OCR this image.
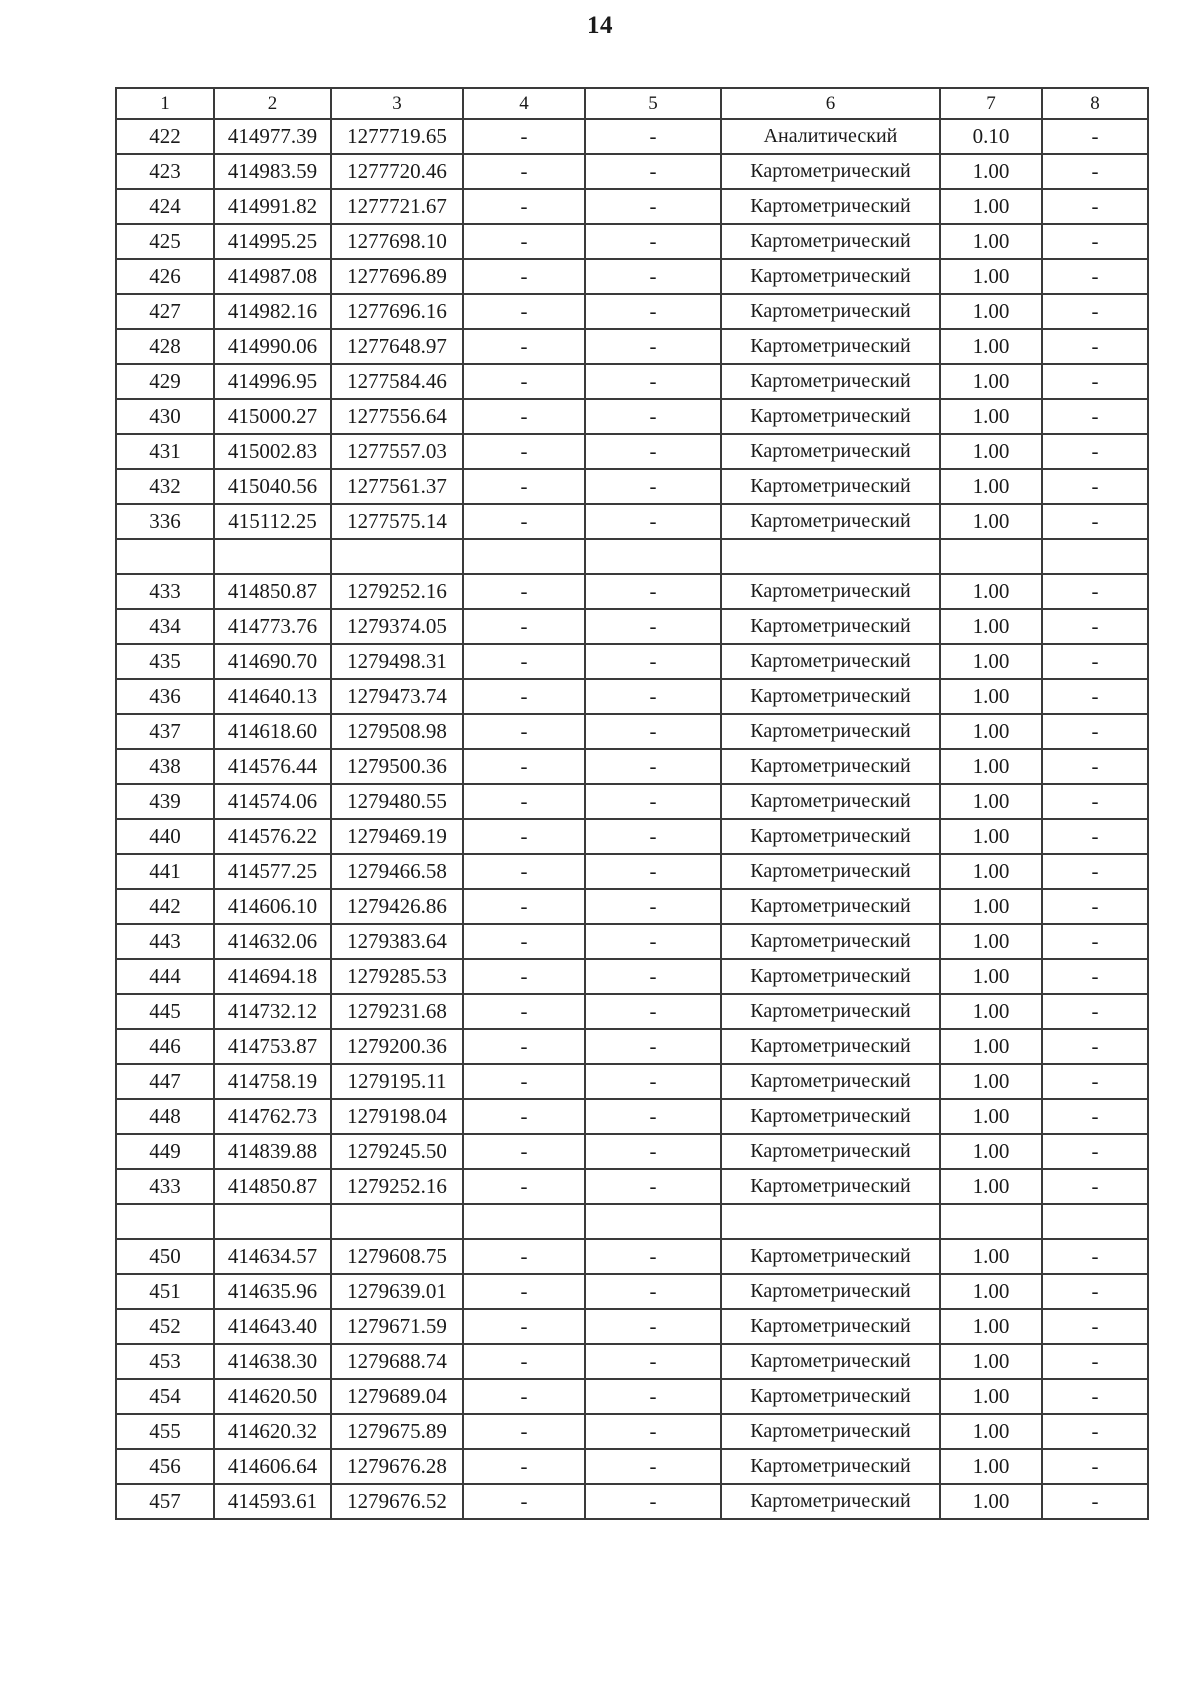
14
1	2	3	4	5	6	7	8
422	414977.39	1277719.65	-	-	Аналитический	0.10	-
423	414983.59	1277720.46	-	-	Картометрический	1.00	-
424	414991.82	1277721.67	-	-	Картометрический	1.00	-
425	414995.25	1277698.10	-	-	Картометрический	1.00	-
426	414987.08	1277696.89	-	-	Картометрический	1.00	-
427	414982.16	1277696.16	-	-	Картометрический	1.00	-
428	414990.06	1277648.97	-	-	Картометрический	1.00	-
429	414996.95	1277584.46	-	-	Картометрический	1.00	-
430	415000.27	1277556.64	-	-	Картометрический	1.00	-
431	415002.83	1277557.03	-	-	Картометрический	1.00	-
432	415040.56	1277561.37	-	-	Картометрический	1.00	-
336	415112.25	1277575.14	-	-	Картометрический	1.00	-

433	414850.87	1279252.16	-	-	Картометрический	1.00	-
434	414773.76	1279374.05	-	-	Картометрический	1.00	-
435	414690.70	1279498.31	-	-	Картометрический	1.00	-
436	414640.13	1279473.74	-	-	Картометрический	1.00	-
437	414618.60	1279508.98	-	-	Картометрический	1.00	-
438	414576.44	1279500.36	-	-	Картометрический	1.00	-
439	414574.06	1279480.55	-	-	Картометрический	1.00	-
440	414576.22	1279469.19	-	-	Картометрический	1.00	-
441	414577.25	1279466.58	-	-	Картометрический	1.00	-
442	414606.10	1279426.86	-	-	Картометрический	1.00	-
443	414632.06	1279383.64	-	-	Картометрический	1.00	-
444	414694.18	1279285.53	-	-	Картометрический	1.00	-
445	414732.12	1279231.68	-	-	Картометрический	1.00	-
446	414753.87	1279200.36	-	-	Картометрический	1.00	-
447	414758.19	1279195.11	-	-	Картометрический	1.00	-
448	414762.73	1279198.04	-	-	Картометрический	1.00	-
449	414839.88	1279245.50	-	-	Картометрический	1.00	-
433	414850.87	1279252.16	-	-	Картометрический	1.00	-

450	414634.57	1279608.75	-	-	Картометрический	1.00	-
451	414635.96	1279639.01	-	-	Картометрический	1.00	-
452	414643.40	1279671.59	-	-	Картометрический	1.00	-
453	414638.30	1279688.74	-	-	Картометрический	1.00	-
454	414620.50	1279689.04	-	-	Картометрический	1.00	-
455	414620.32	1279675.89	-	-	Картометрический	1.00	-
456	414606.64	1279676.28	-	-	Картометрический	1.00	-
457	414593.61	1279676.52	-	-	Картометрический	1.00	-
